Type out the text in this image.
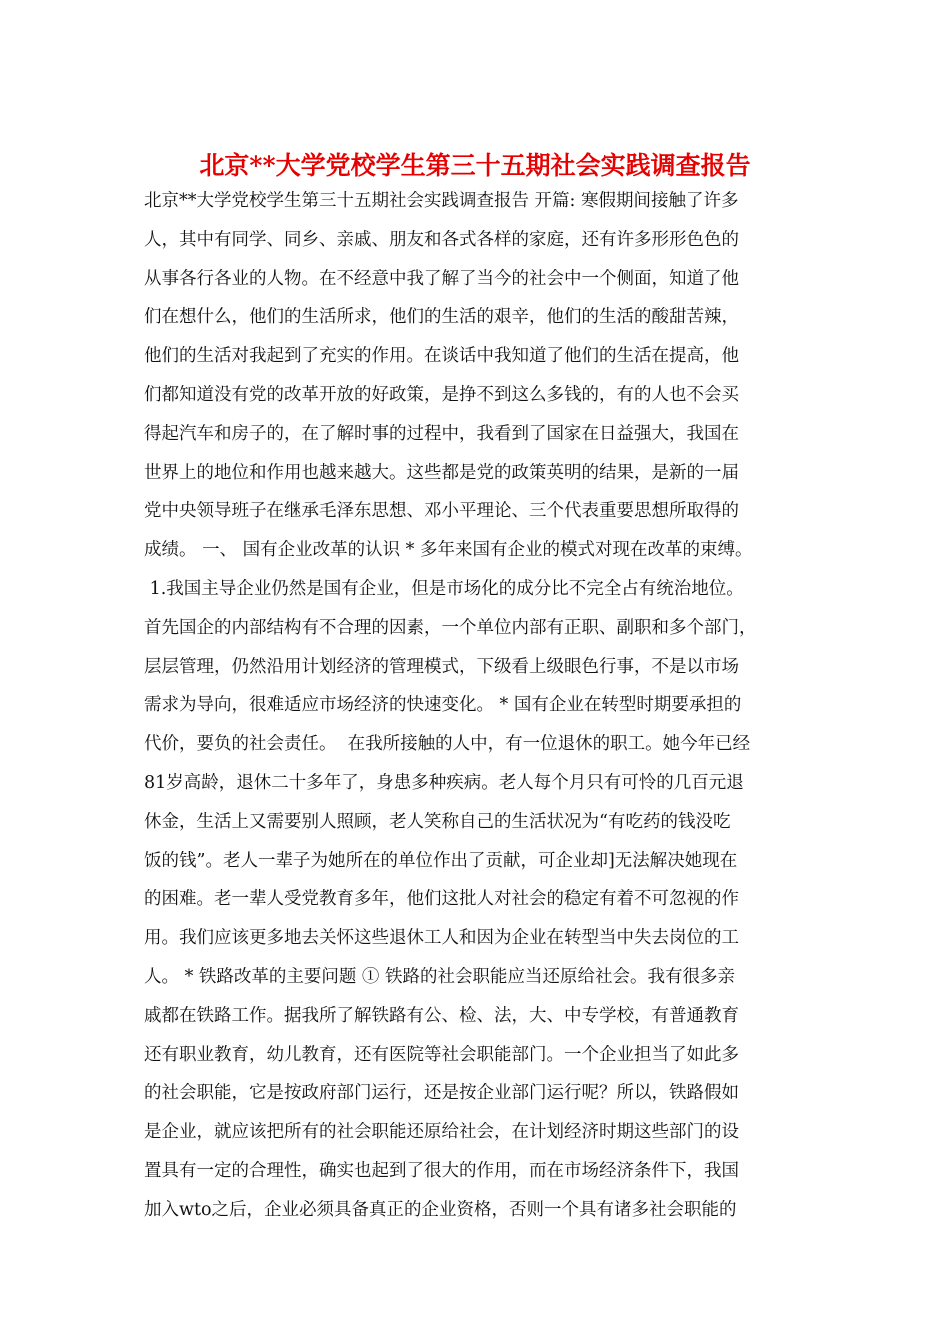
北京**大学党校学生第三十五期社会实践调查报告
北京**大学党校学生第三十五期社会实践调查报告 开篇: 寒假期间接触了许多
人，其中有同学、同乡、亲戚、朋友和各式各样的家庭，还有许多形形色色的
从事各行各业的人物。在不经意中我了解了当今的社会中一个侧面，知道了他
们在想什么，他们的生活所求，他们的生活的艰辛，他们的生活的酸甜苦辣，
他们的生活对我起到了充实的作用。在谈话中我知道了他们的生活在提高，他
们都知道没有党的改革开放的好政策，是挣不到这么多钱的，有的人也不会买
得起汽车和房子的，在了解时事的过程中，我看到了国家在日益强大，我国在
世界上的地位和作用也越来越大。这些都是党的政策英明的结果，是新的一届
党中央领导班子在继承毛泽东思想、邓小平理论、三个代表重要思想所取得的
成绩。 一、 国有企业改革的认识 * 多年来国有企业的模式对现在改革的束缚。
1.我国主导企业仍然是国有企业，但是市场化的成分比不完全占有统治地位。
首先国企的内部结构有不合理的因素，一个单位内部有正职、副职和多个部门，
层层管理，仍然沿用计划经济的管理模式，下级看上级眼色行事，不是以市场
需求为导向，很难适应市场经济的快速变化。 * 国有企业在转型时期要承担的
代价，要负的社会责任。  在我所接触的人中，有一位退休的职工。她今年已经
81岁高龄，退休二十多年了，身患多种疾病。老人每个月只有可怜的几百元退
休金，生活上又需要别人照顾，老人笑称自己的生活状况为“有吃药的钱没吃
饭的钱”。老人一辈子为她所在的单位作出了贡献，可企业却]无法解决她现在
的困难。老一辈人受党教育多年，他们这批人对社会的稳定有着不可忽视的作
用。我们应该更多地去关怀这些退休工人和因为企业在转型当中失去岗位的工
人。 * 铁路改革的主要问题 ① 铁路的社会职能应当还原给社会。我有很多亲
戚都在铁路工作。据我所了解铁路有公、检、法，大、中专学校，有普通教育
还有职业教育，幼儿教育，还有医院等社会职能部门。一个企业担当了如此多
的社会职能，它是按政府部门运行，还是按企业部门运行呢？所以，铁路假如
是企业，就应该把所有的社会职能还原给社会，在计划经济时期这些部门的设
置具有一定的合理性，确实也起到了很大的作用，而在市场经济条件下，我国
加入wto之后，企业必须具备真正的企业资格，否则一个具有诸多社会职能的
